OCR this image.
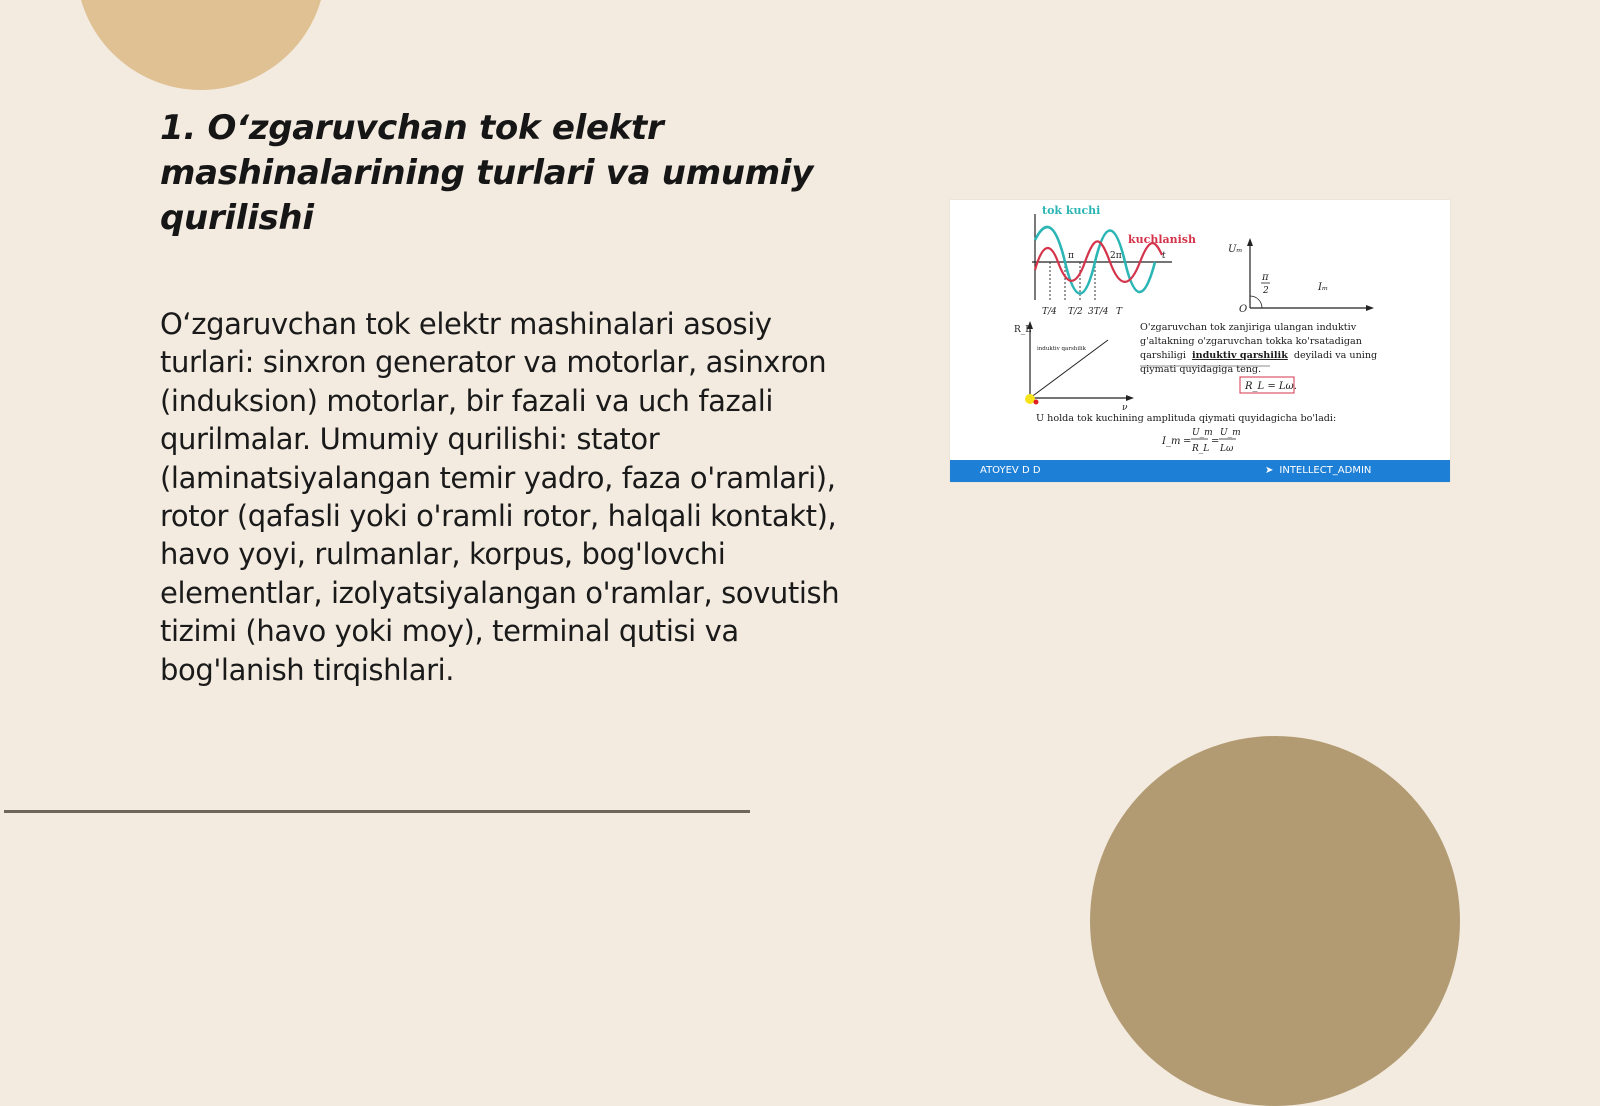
1. O‘zgaruvchan tok elektr mashinalarining turlari va umumiy qurilishi

O‘zgaruvchan tok elektr mashinalari asosiy turlari: sinxron generator va motorlar, asinxron (induksion) motorlar, bir fazali va uch fazali qurilmalar. Umumiy qurilishi: stator (laminatsiyalangan temir yadro, faza o'ramlari), rotor (qafasli yoki o'ramli rotor, halqali kontakt), havo yoyi, rulmanlar, korpus, bog'lovchi elementlar, izolyatsiyalangan o'ramlar, sovutish tizimi (havo yoki moy), terminal qutisi va bog'lanish tirqishlari.

tok kuchi
kuchlanish
π	2π	t
T/4 T/2 3T/4 T
Uₘ
Iₘ
O
π
2
R_L
ν
induktiv qarshilik
O'zgaruvchan tok zanjiriga ulangan induktiv
g'altakning o'zgaruvchan tokka ko'rsatadigan
qarshiligi induktiv qarshilik deyiladi va uning
qiymati quyidagiga teng.
R_L = Lω.
U holda tok kuchining amplituda qiymati quyidagicha bo'ladi:
I_m =
U_m
R_L
=
U_m
Lω
ATOYEV D D	➤ INTELLECT_ADMIN
